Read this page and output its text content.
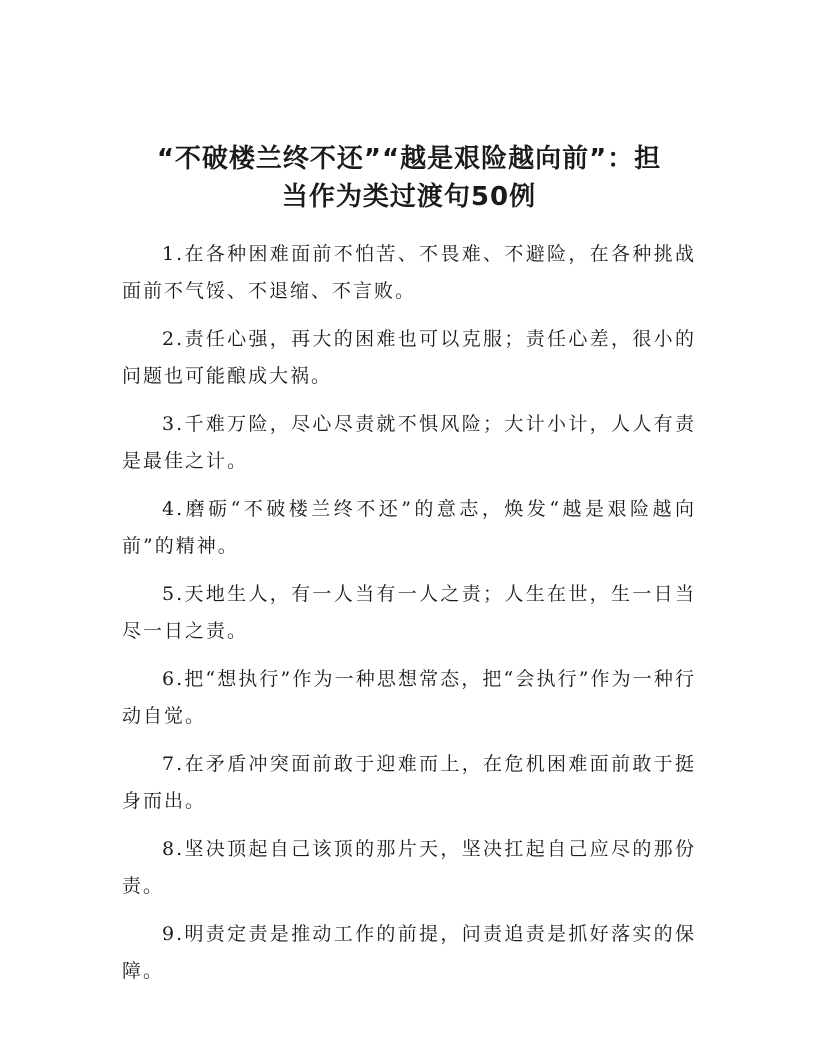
“不破楼兰终不还”“越是艰险越向前”：担
当作为类过渡句50例

1.在各种困难面前不怕苦、不畏难、不避险，在各种挑战面前不气馁、不退缩、不言败。

2.责任心强，再大的困难也可以克服；责任心差，很小的问题也可能酿成大祸。

3.千难万险，尽心尽责就不惧风险；大计小计，人人有责是最佳之计。

4.磨砺“不破楼兰终不还”的意志，焕发“越是艰险越向前”的精神。

5.天地生人，有一人当有一人之责；人生在世，生一日当尽一日之责。

6.把“想执行”作为一种思想常态，把“会执行”作为一种行动自觉。

7.在矛盾冲突面前敢于迎难而上，在危机困难面前敢于挺身而出。

8.坚决顶起自己该顶的那片天，坚决扛起自己应尽的那份责。

9.明责定责是推动工作的前提，问责追责是抓好落实的保障。
